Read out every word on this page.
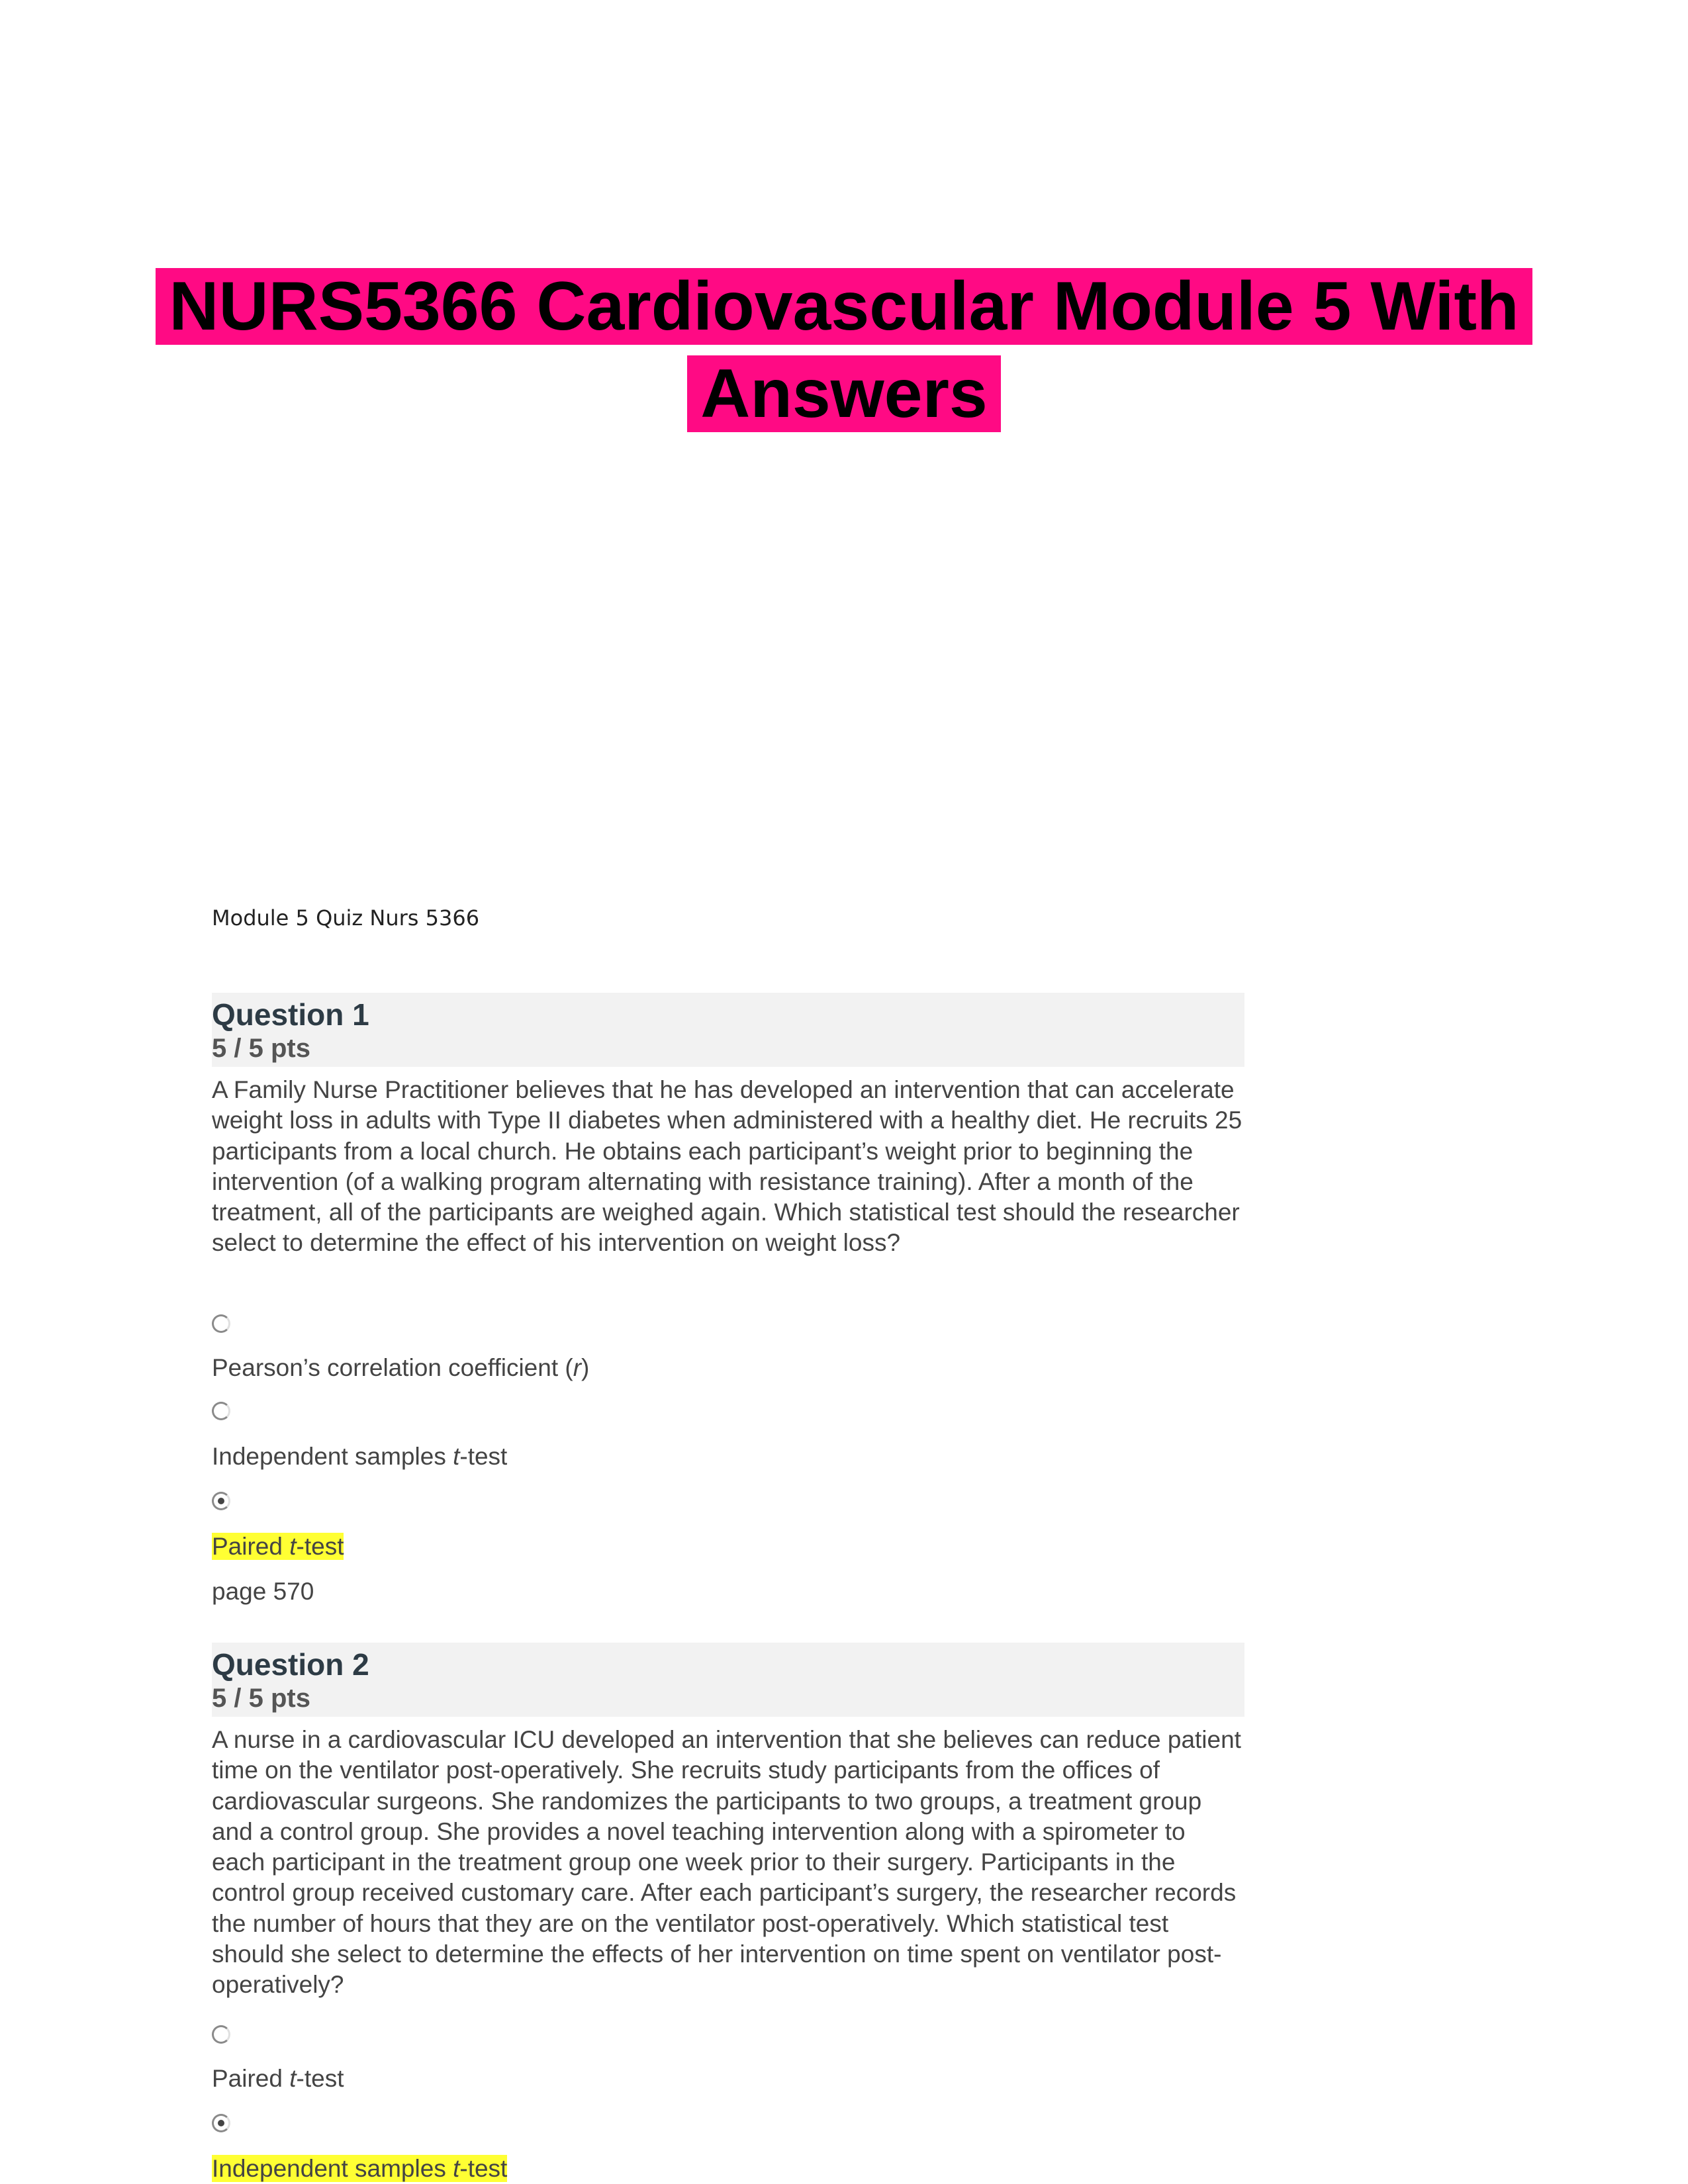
NURS5366 Cardiovascular Module 5 With
Answers
Module 5 Quiz Nurs 5366
Question 1
5 / 5 pts
A Family Nurse Practitioner believes that he has developed an intervention that can accelerate weight loss in adults with Type II diabetes when administered with a healthy diet. He recruits 25 participants from a local church. He obtains each participant’s weight prior to beginning the intervention (of a walking program alternating with resistance training). After a month of the treatment, all of the participants are weighed again. Which statistical test should the researcher select to determine the effect of his intervention on weight loss?
Pearson’s correlation coefficient (r)
Independent samples t-test
Paired t-test
page 570
Question 2
5 / 5 pts
A nurse in a cardiovascular ICU developed an intervention that she believes can reduce patient time on the ventilator post-operatively. She recruits study participants from the offices of cardiovascular surgeons. She randomizes the participants to two groups, a treatment group and a control group. She provides a novel teaching intervention along with a spirometer to each participant in the treatment group one week prior to their surgery. Participants in the control group received customary care. After each participant’s surgery, the researcher records the number of hours that they are on the ventilator post-operatively. Which statistical test should she select to determine the effects of her intervention on time spent on ventilator post-operatively?
Paired t-test
Independent samples t-test
